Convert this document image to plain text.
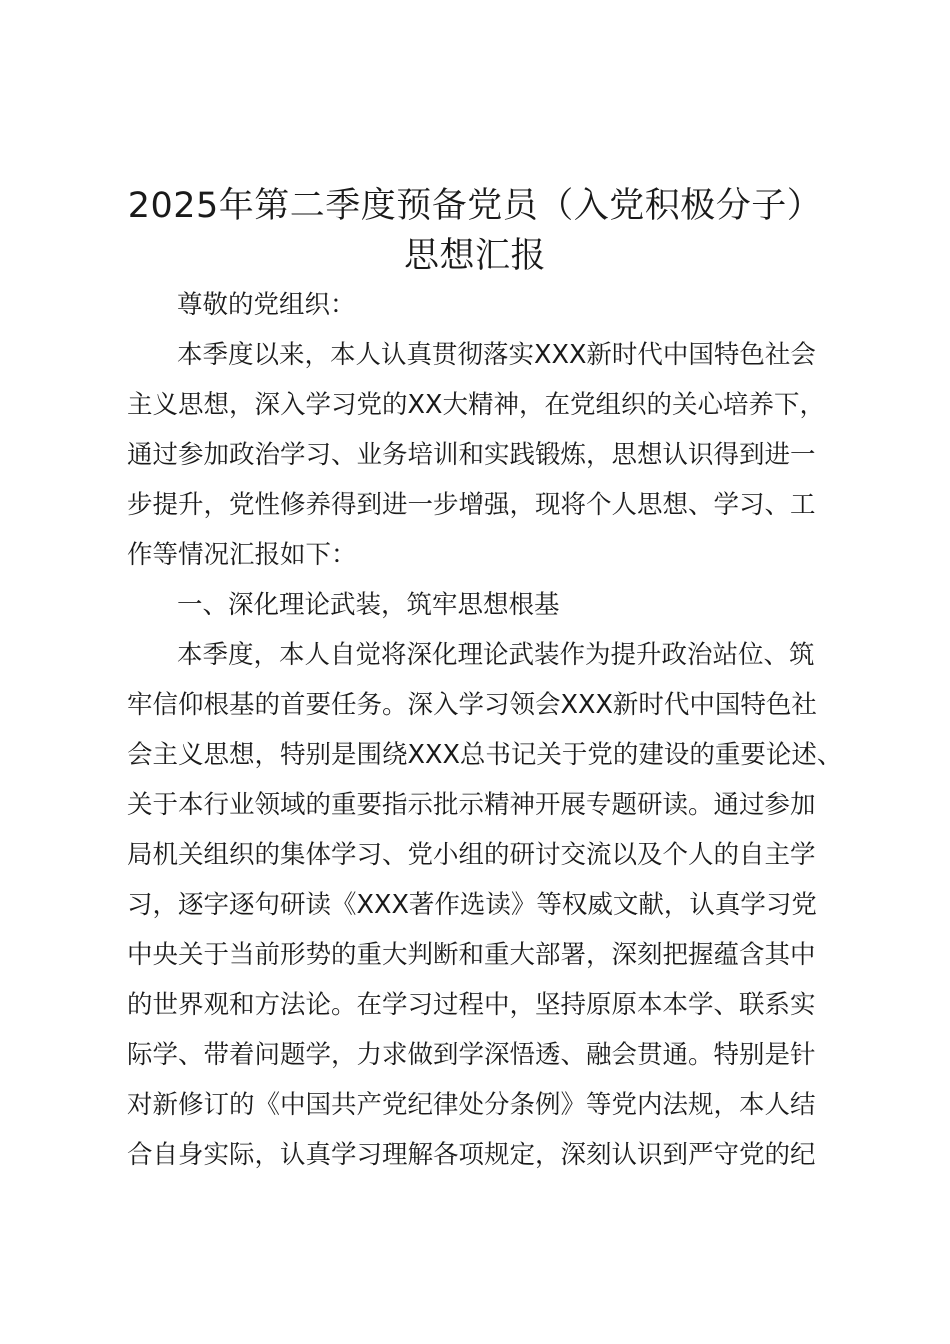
2025年第二季度预备党员（入党积极分子）
思想汇报
尊敬的党组织：
本季度以来，本人认真贯彻落实XXX新时代中国特色社会
主义思想，深入学习党的XX大精神，在党组织的关心培养下，
通过参加政治学习、业务培训和实践锻炼，思想认识得到进一
步提升，党性修养得到进一步增强，现将个人思想、学习、工
作等情况汇报如下：
一、深化理论武装，筑牢思想根基
本季度，本人自觉将深化理论武装作为提升政治站位、筑
牢信仰根基的首要任务。深入学习领会XXX新时代中国特色社
会主义思想，特别是围绕XXX总书记关于党的建设的重要论述、
关于本行业领域的重要指示批示精神开展专题研读。通过参加
局机关组织的集体学习、党小组的研讨交流以及个人的自主学
习，逐字逐句研读《XXX著作选读》等权威文献，认真学习党
中央关于当前形势的重大判断和重大部署，深刻把握蕴含其中
的世界观和方法论。在学习过程中，坚持原原本本学、联系实
际学、带着问题学，力求做到学深悟透、融会贯通。特别是针
对新修订的《中国共产党纪律处分条例》等党内法规，本人结
合自身实际，认真学习理解各项规定，深刻认识到严守党的纪
